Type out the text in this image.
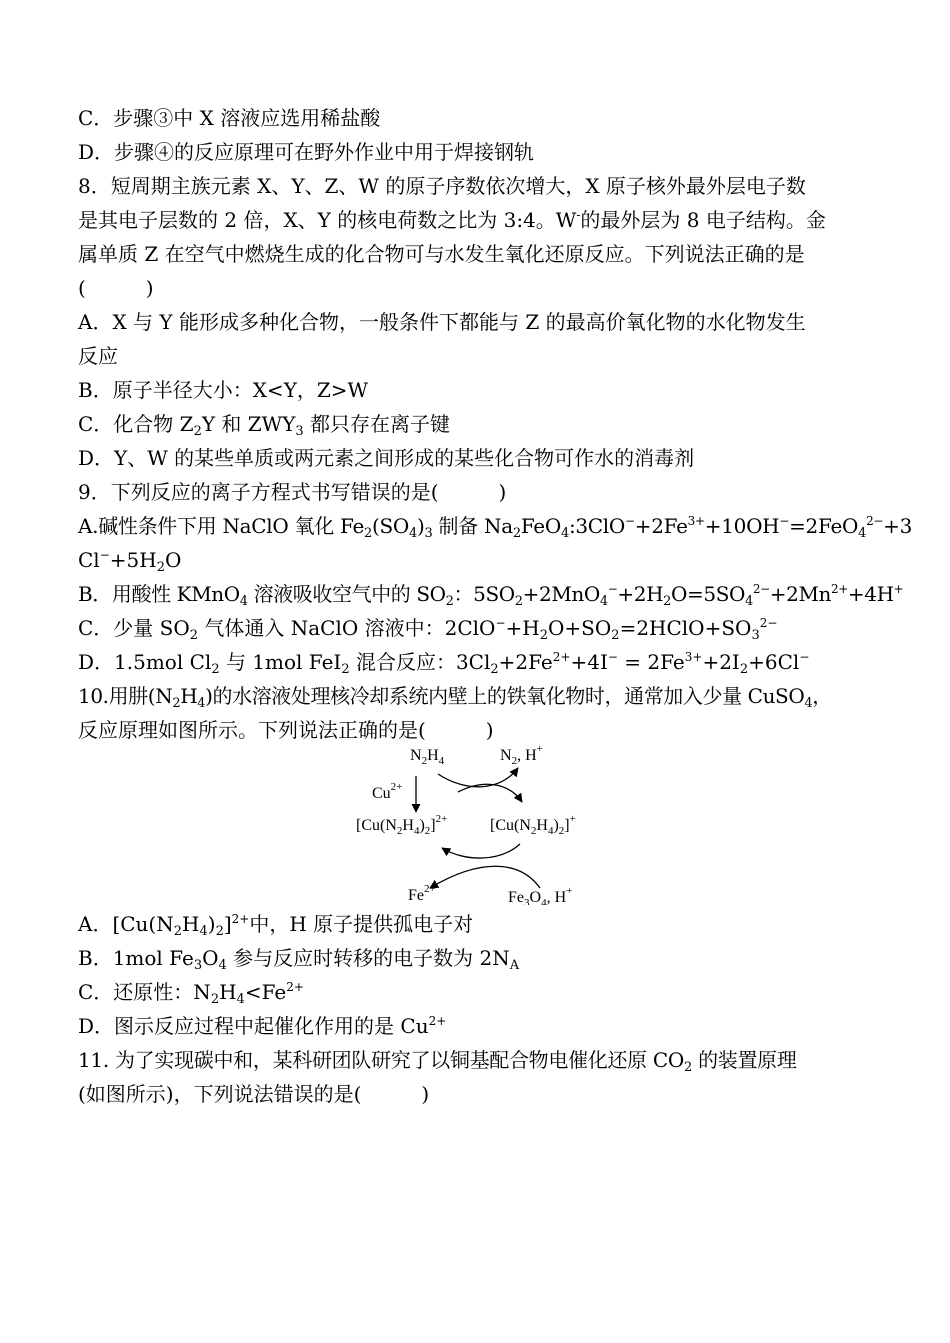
C．步骤③中 X 溶液应选用稀盐酸
D．步骤④的反应原理可在野外作业中用于焊接钢轨
8．短周期主族元素 X、Y、Z、W 的原子序数依次增大，X 原子核外最外层电子数
是其电子层数的 2 倍，X、Y 的核电荷数之比为 3:4。W-的最外层为 8 电子结构。金
属单质 Z 在空气中燃烧生成的化合物可与水发生氧化还原反应。下列说法正确的是
(　　　)
A．X 与 Y 能形成多种化合物，一般条件下都能与 Z 的最高价氧化物的水化物发生
反应
B．原子半径大小：X<Y，Z>W
C．化合物 $Z_2Y$ 和 $ZWY_3$ 都只存在离子键
D．Y、W 的某些单质或两元素之间形成的某些化合物可作水的消毒剂
9．下列反应的离子方程式书写错误的是(　　　)
A.碱性条件下用 NaClO 氧化 $Fe_2(SO_4)_3$ 制备 $Na_2FeO_4:3ClO^-+2Fe^{3+}+10OH^-=2FeO_4^{2-}+3$
$Cl^-+5H_2O$
B．用酸性 KMnO$_4$ 溶液吸收空气中的 $SO_2$：$5SO_2+2MnO_4^-+2H_2O=5SO_4^{2-}+2Mn^{2+}+4H^+$
C．少量 $SO_2$ 气体通入 NaClO 溶液中：$2ClO^-+H_2O+SO_2=2HClO+SO_3^{2-}$
D．1.5mol $Cl_2$ 与 1mol FeI$_2$ 混合反应：$3Cl_2+2Fe^{2+}+4I^- = 2Fe^{3+}+2I_2+6Cl^-$
10.用肼$(N_2H_4)$的水溶液处理核冷却系统内壁上的铁氧化物时，通常加入少量 CuSO$_4$，
反应原理如图所示。下列说法正确的是(　　　)
$N_2H_4$	$N_2$, H+
$Cu^{2+}$
$[Cu(N_2H_4)_2]^{2+}$	$[Cu(N_2H_4)_2]^+$
$Fe^{2+}$	$Fe_3O_4$, H+
A．$[Cu(N_2H_4)_2]^{2+}$中，H 原子提供孤电子对
B．1mol $Fe_3O_4$ 参与反应时转移的电子数为 $2N_A$
C．还原性：$N_2H_4<Fe^{2+}$
D．图示反应过程中起催化作用的是 $Cu^{2+}$
11. 为了实现碳中和，某科研团队研究了以铜基配合物电催化还原 $CO_2$ 的装置原理
(如图所示)，下列说法错误的是(　　　)
